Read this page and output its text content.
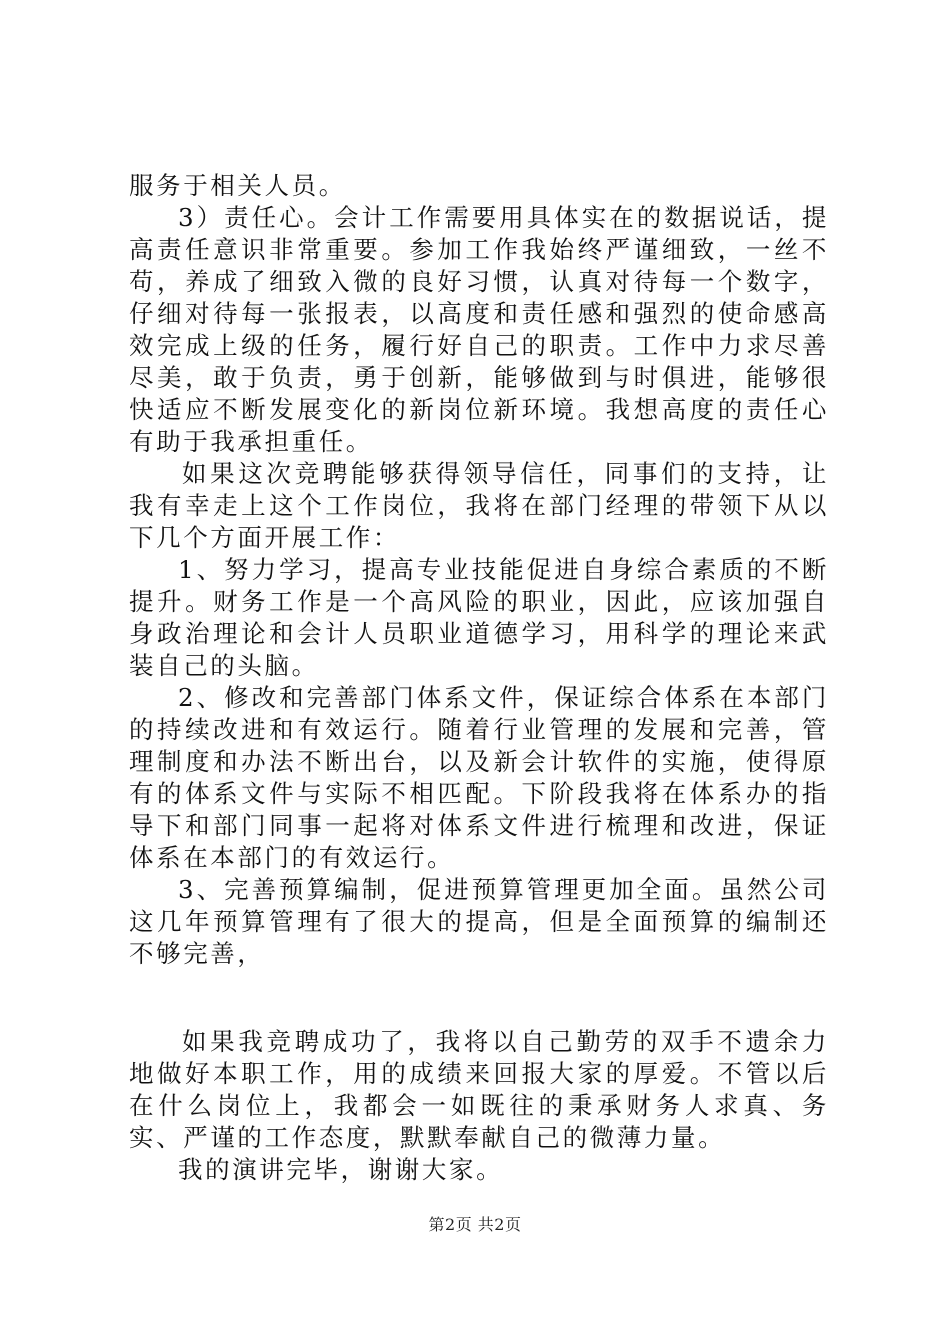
服务于相关人员。

3）责任心。会计工作需要用具体实在的数据说话，提高责任意识非常重要。参加工作我始终严谨细致，一丝不苟，养成了细致入微的良好习惯，认真对待每一个数字，仔细对待每一张报表，以高度和责任感和强烈的使命感高效完成上级的任务，履行好自己的职责。工作中力求尽善尽美，敢于负责，勇于创新，能够做到与时俱进，能够很快适应不断发展变化的新岗位新环境。我想高度的责任心有助于我承担重任。

如果这次竞聘能够获得领导信任，同事们的支持，让我有幸走上这个工作岗位，我将在部门经理的带领下从以下几个方面开展工作：

1、努力学习，提高专业技能促进自身综合素质的不断提升。财务工作是一个高风险的职业，因此，应该加强自身政治理论和会计人员职业道德学习，用科学的理论来武装自己的头脑。

2、修改和完善部门体系文件，保证综合体系在本部门的持续改进和有效运行。随着行业管理的发展和完善，管理制度和办法不断出台，以及新会计软件的实施，使得原有的体系文件与实际不相匹配。下阶段我将在体系办的指导下和部门同事一起将对体系文件进行梳理和改进，保证体系在本部门的有效运行。

3、完善预算编制，促进预算管理更加全面。虽然公司这几年预算管理有了很大的提高，但是全面预算的编制还不够完善，

如果我竞聘成功了，我将以自己勤劳的双手不遗余力地做好本职工作，用的成绩来回报大家的厚爱。不管以后在什么岗位上，我都会一如既往的秉承财务人求真、务实、严谨的工作态度，默默奉献自己的微薄力量。

我的演讲完毕，谢谢大家。

第2页 共2页
